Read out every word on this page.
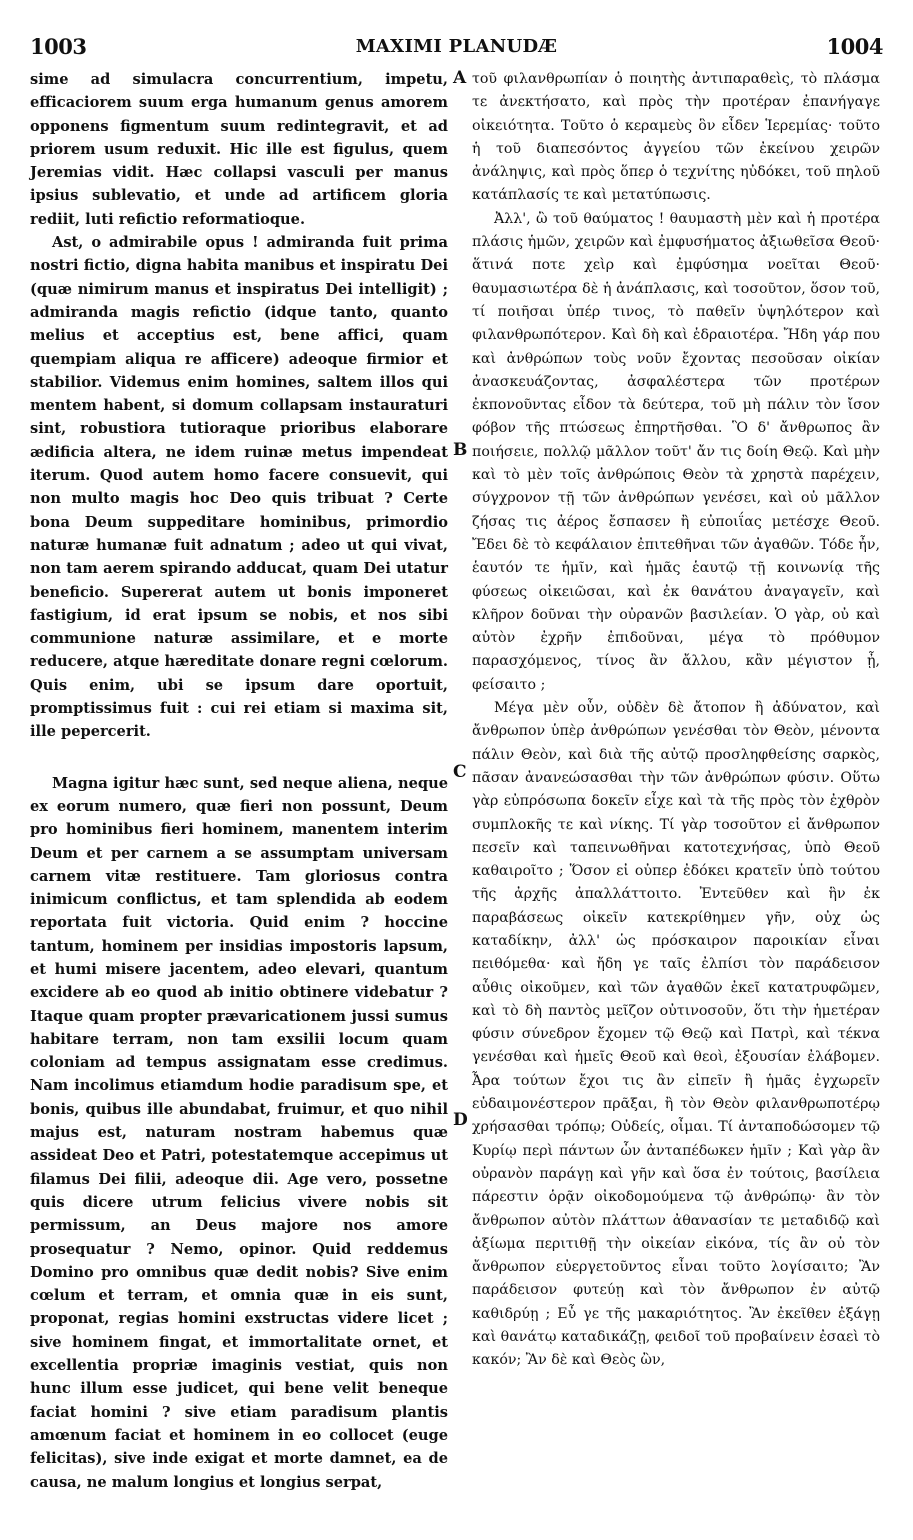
1003	MAXIMI PLANUDÆ	1004

sime ad simulacra concurrentium, impetu, efficaciorem suum erga humanum genus amorem opponens figmentum suum redintegravit, et ad priorem usum reduxit. Hic ille est figulus, quem Jeremias vidit. Hæc collapsi vasculi per manus ipsius sublevatio, et unde ad artificem gloria rediit, luti refictio reformatioque.

Ast, o admirabile opus ! admiranda fuit prima nostri fictio, digna habita manibus et inspiratu Dei (quæ nimirum manus et inspiratus Dei intelligit) ; admiranda magis refictio (idque tanto, quanto melius et acceptius est, bene affici, quam quempiam aliqua re afficere) adeoque firmior et stabilior. Videmus enim homines, saltem illos qui mentem habent, si domum collapsam instauraturi sint, robustiora tutioraque prioribus elaborare ædificia altera, ne idem ruinæ metus impendeat iterum. Quod autem homo facere consuevit, qui non multo magis hoc Deo quis tribuat ? Certe bona Deum suppeditare hominibus, primordio naturæ humanæ fuit adnatum ; adeo ut qui vivat, non tam aerem spirando adducat, quam Dei utatur beneficio. Supererat autem ut bonis imponeret fastigium, id erat ipsum se nobis, et nos sibi communione naturæ assimilare, et e morte reducere, atque hæreditate donare regni cœlorum. Quis enim, ubi se ipsum dare oportuit, promptissimus fuit : cui rei etiam si maxima sit, ille pepercerit.

Magna igitur hæc sunt, sed neque aliena, neque ex eorum numero, quæ fieri non possunt, Deum pro hominibus fieri hominem, manentem interim Deum et per carnem a se assumptam universam carnem vitæ restituere. Tam gloriosus contra inimicum conflictus, et tam splendida ab eodem reportata fuit victoria. Quid enim ? hoccine tantum, hominem per insidias impostoris lapsum, et humi misere jacentem, adeo elevari, quantum excidere ab eo quod ab initio obtinere videbatur ? Itaque quam propter prævaricationem jussi sumus habitare terram, non tam exsilii locum quam coloniam ad tempus assignatam esse credimus. Nam incolimus etiamdum hodie paradisum spe, et bonis, quibus ille abundabat, fruimur, et quo nihil majus est, naturam nostram habemus quæ assideat Deo et Patri, potestatemque accepimus ut filamus Dei filii, adeoque dii. Age vero, possetne quis dicere utrum felicius vivere nobis sit permissum, an Deus majore nos amore prosequatur ? Nemo, opinor. Quid reddemus Domino pro omnibus quæ dedit nobis? Sive enim cœlum et terram, et omnia quæ in eis sunt, proponat, regias homini exstructas videre licet ; sive hominem fingat, et immortalitate ornet, et excellentia propriæ imaginis vestiat, quis non hunc illum esse judicet, qui bene velit beneque faciat homini ? sive etiam paradisum plantis amœnum faciat et hominem in eo collocet (euge felicitas), sive inde exigat et morte damnet, ea de causa, ne malum longius et longius serpat,

A
B
C
D

τοῦ φιλανθρωπίαν ὁ ποιητὴς ἀντιπαραθεὶς, τὸ πλάσμα τε ἀνεκτήσατο, καὶ πρὸς τὴν προτέραν ἐπανήγαγε οἰκειότητα. Τοῦτο ὁ κεραμεὺς ὃν εἶδεν Ἱερεμίας· τοῦτο ἡ τοῦ διαπεσόντος ἀγγείου τῶν ἐκείνου χειρῶν ἀνάληψις, καὶ πρὸς ὅπερ ὁ τεχνίτης ηὐδόκει, τοῦ πηλοῦ κατάπλασίς τε καὶ μετατύπωσις.

Ἀλλ', ὢ τοῦ θαύματος ! θαυμαστὴ μὲν καὶ ἡ προτέρα πλάσις ἡμῶν, χειρῶν καὶ ἐμφυσήματος ἀξιωθεῖσα Θεοῦ· ἅτινά ποτε χεὶρ καὶ ἐμφύσημα νοεῖται Θεοῦ· θαυμασιωτέρα δὲ ἡ ἀνάπλασις, καὶ τοσοῦτον, ὅσον τοῦ, τί ποιῆσαι ὑπέρ τινος, τὸ παθεῖν ὑψηλότερον καὶ φιλανθρωπότερον. Καὶ δὴ καὶ ἑδραιοτέρα. Ἤδη γάρ που καὶ ἀνθρώπων τοὺς νοῦν ἔχοντας πεσοῦσαν οἰκίαν ἀνασκευάζοντας, ἀσφαλέστερα τῶν προτέρων ἐκπονοῦντας εἶδον τὰ δεύτερα, τοῦ μὴ πάλιν τὸν ἴσον φόβον τῆς πτώσεως ἐπηρτῆσθαι. Ὃ δ' ἄνθρωπος ἂν ποιήσειε, πολλῷ μᾶλλον τοῦτ' ἄν τις δοίη Θεῷ. Καὶ μὴν καὶ τὸ μὲν τοῖς ἀνθρώποις Θεὸν τὰ χρηστὰ παρέχειν, σύγχρονον τῇ τῶν ἀνθρώπων γενέσει, καὶ οὐ μᾶλλον ζήσας τις ἀέρος ἔσπασεν ἢ εὐποιΐας μετέσχε Θεοῦ. Ἔδει δὲ τὸ κεφάλαιον ἐπιτεθῆναι τῶν ἀγαθῶν. Τόδε ἦν, ἑαυτόν τε ἡμῖν, καὶ ἡμᾶς ἑαυτῷ τῇ κοινωνίᾳ τῆς φύσεως οἰκειῶσαι, καὶ ἐκ θανάτου ἀναγαγεῖν, καὶ κλῆρον δοῦναι τὴν οὐρανῶν βασιλείαν. Ὁ γὰρ, οὐ καὶ αὑτὸν ἐχρῆν ἐπιδοῦναι, μέγα τὸ πρόθυμον παρασχόμενος, τίνος ἂν ἄλλου, κἂν μέγιστον ᾖ, φείσαιτο ;

Μέγα μὲν οὖν, οὐδὲν δὲ ἄτοπον ἢ ἀδύνατον, καὶ ἄνθρωπον ὑπὲρ ἀνθρώπων γενέσθαι τὸν Θεὸν, μένοντα πάλιν Θεὸν, καὶ διὰ τῆς αὐτῷ προσληφθείσης σαρκὸς, πᾶσαν ἀνανεώσασθαι τὴν τῶν ἀνθρώπων φύσιν. Οὕτω γὰρ εὐπρόσωπα δοκεῖν εἶχε καὶ τὰ τῆς πρὸς τὸν ἐχθρὸν συμπλοκῆς τε καὶ νίκης. Τί γὰρ τοσοῦτον εἰ ἄνθρωπον πεσεῖν καὶ ταπεινωθῆναι κατοτεχνήσας, ὑπὸ Θεοῦ καθαιροῖτο ; Ὅσον εἰ οὐπερ ἐδόκει κρατεῖν ὑπὸ τούτου τῆς ἀρχῆς ἀπαλλάττοιτο. Ἐντεῦθεν καὶ ἣν ἐκ παραβάσεως οἰκεῖν κατεκρίθημεν γῆν, οὐχ ὡς καταδίκην, ἀλλ' ὡς πρόσκαιρον παροικίαν εἶναι πειθόμεθα· καὶ ἤδη γε ταῖς ἐλπίσι τὸν παράδεισον αὖθις οἰκοῦμεν, καὶ τῶν ἀγαθῶν ἐκεῖ κατατρυφῶμεν, καὶ τὸ δὴ παντὸς μεῖζον οὐτινοσοῦν, ὅτι τὴν ἡμετέραν φύσιν σύνεδρον ἔχομεν τῷ Θεῷ καὶ Πατρὶ, καὶ τέκνα γενέσθαι καὶ ἡμεῖς Θεοῦ καὶ θεοὶ, ἐξουσίαν ἐλάβομεν. Ἆρα τούτων ἔχοι τις ἂν εἰπεῖν ἢ ἡμᾶς ἐγχωρεῖν εὐδαιμονέστερον πρᾶξαι, ἢ τὸν Θεὸν φιλανθρωποτέρῳ χρήσασθαι τρόπῳ; Οὐδείς, οἶμαι. Τί ἀνταποδώσομεν τῷ Κυρίῳ περὶ πάντων ὧν ἀνταπέδωκεν ἡμῖν ; Καὶ γὰρ ἂν οὐρανὸν παράγῃ καὶ γῆν καὶ ὅσα ἐν τούτοις, βασίλεια πάρεστιν ὁρᾷν οἰκοδομούμενα τῷ ἀνθρώπῳ· ἂν τὸν ἄνθρωπον αὐτὸν πλάττων ἀθανασίαν τε μεταδιδῷ καὶ ἀξίωμα περιτιθῇ τὴν οἰκείαν εἰκόνα, τίς ἂν οὐ τὸν ἄνθρωπον εὐεργετοῦντος εἶναι τοῦτο λογίσαιτο; Ἂν παράδεισον φυτεύῃ καὶ τὸν ἄνθρωπον ἐν αὐτῷ καθιδρύῃ ; Εὖ γε τῆς μακαριότητος. Ἂν ἐκεῖθεν ἐξάγῃ καὶ θανάτῳ καταδικάζῃ, φειδοῖ τοῦ προβαίνειν ἐσαεὶ τὸ κακόν; Ἂν δὲ καὶ Θεὸς ὢν,
